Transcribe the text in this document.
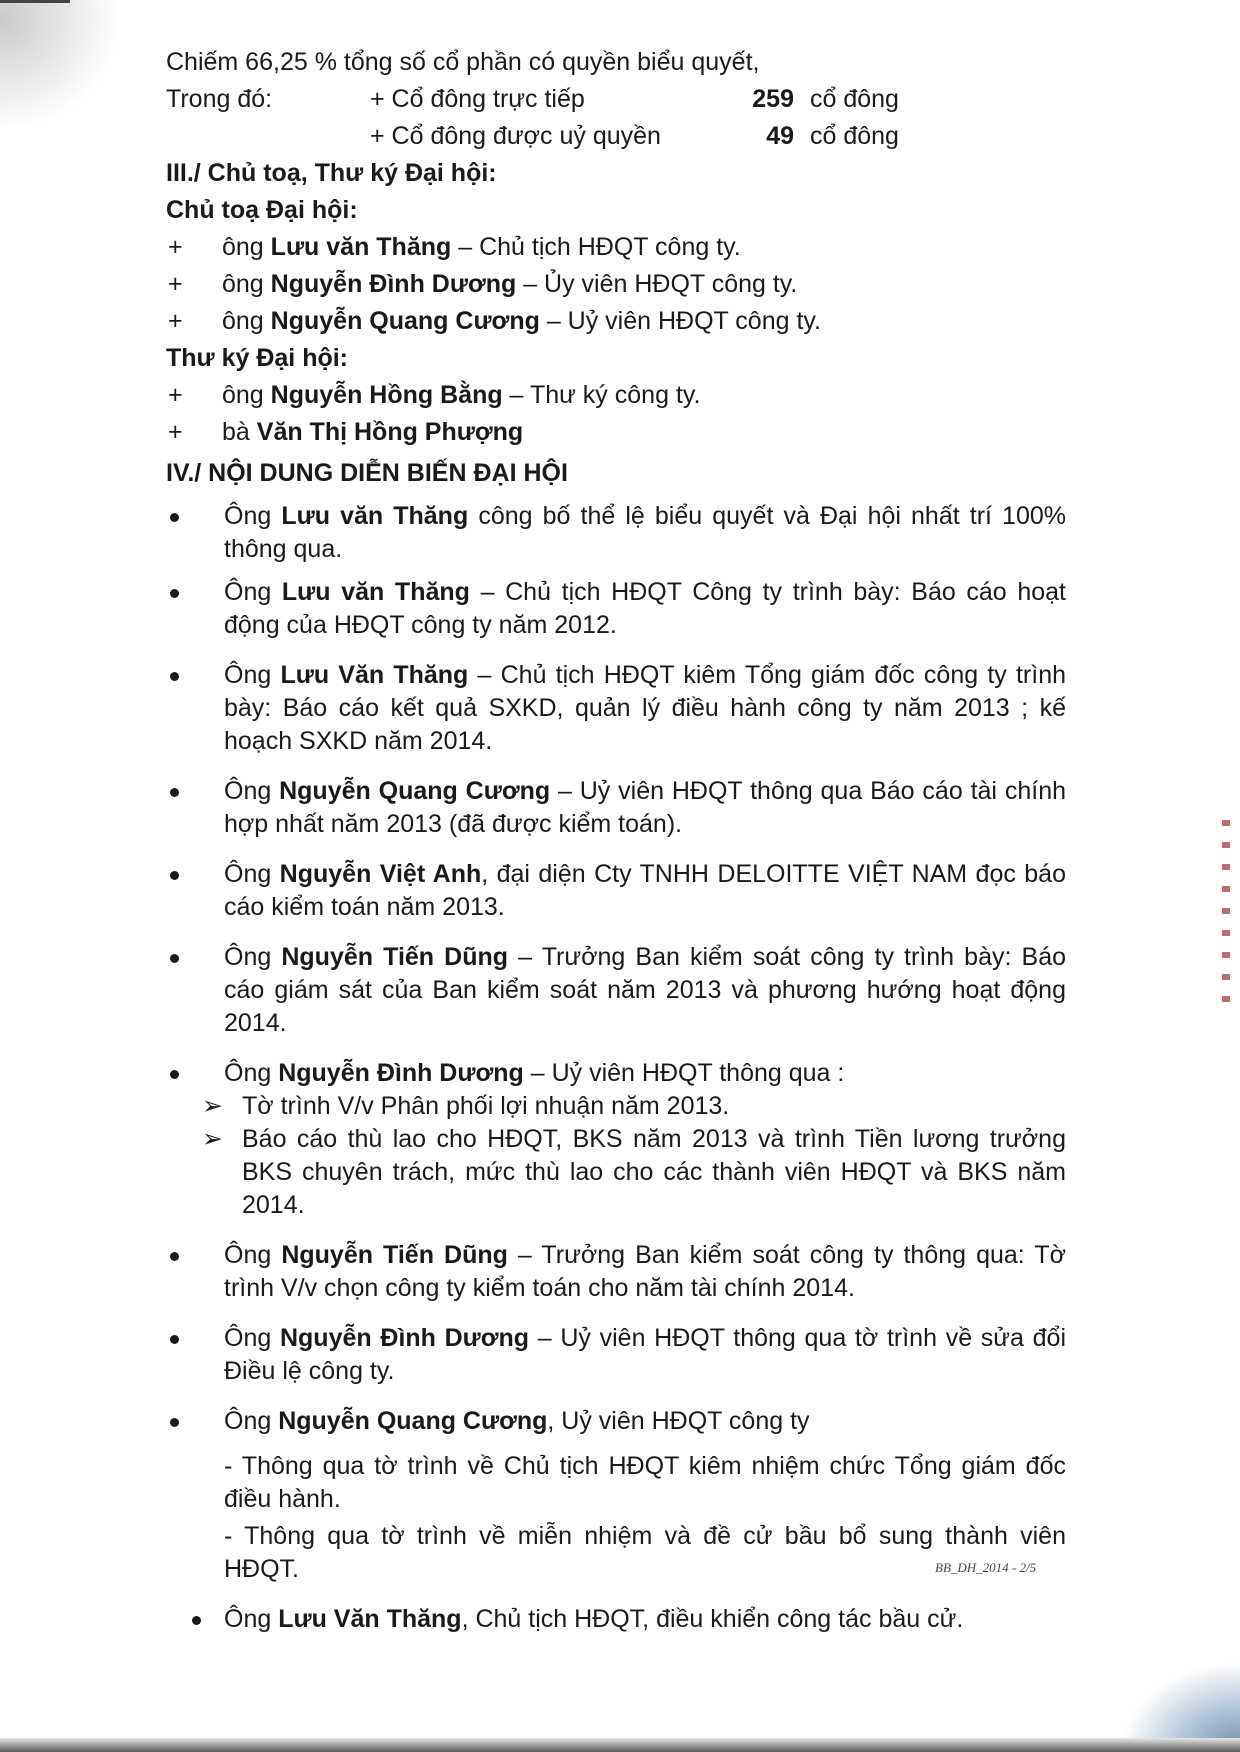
Chiếm 66,25 % tổng số cổ phần có quyền biểu quyết,
Trong đó:	+ Cổ đông trực tiếp	259 cổ đông
+ Cổ đông được uỷ quyền	49 cổ đông
III./ Chủ toạ, Thư ký Đại hội:
Chủ toạ Đại hội:
+ ông Lưu văn Thăng – Chủ tịch HĐQT công ty.
+ ông Nguyễn Đình Dương – Ủy viên HĐQT công ty.
+ ông Nguyễn Quang Cương – Uỷ viên HĐQT công ty.
Thư ký Đại hội:
+ ông Nguyễn Hồng Bằng – Thư ký công ty.
+ bà Văn Thị Hồng Phượng
IV./ NỘI DUNG DIỄN BIẾN ĐẠI HỘI
Ông Lưu văn Thăng công bố thể lệ biểu quyết và Đại hội nhất trí 100% thông qua.
Ông Lưu văn Thăng – Chủ tịch HĐQT Công ty trình bày: Báo cáo hoạt động của HĐQT công ty năm 2012.
Ông Lưu Văn Thăng – Chủ tịch HĐQT kiêm Tổng giám đốc công ty trình bày: Báo cáo kết quả SXKD, quản lý điều hành công ty năm 2013 ; kế hoạch SXKD năm 2014.
Ông Nguyễn Quang Cương – Uỷ viên HĐQT thông qua Báo cáo tài chính hợp nhất năm 2013 (đã được kiểm toán).
Ông Nguyễn Việt Anh, đại diện Cty TNHH DELOITTE VIỆT NAM đọc báo cáo kiểm toán năm 2013.
Ông Nguyễn Tiến Dũng – Trưởng Ban kiểm soát công ty trình bày: Báo cáo giám sát của Ban kiểm soát năm 2013 và phương hướng hoạt động 2014.
Ông Nguyễn Đình Dương – Uỷ viên HĐQT thông qua :
➢ Tờ trình V/v Phân phối lợi nhuận năm 2013.
➢ Báo cáo thù lao cho HĐQT, BKS năm 2013 và trình Tiền lương trưởng BKS chuyên trách, mức thù lao cho các thành viên HĐQT và BKS năm 2014.
Ông Nguyễn Tiến Dũng – Trưởng Ban kiểm soát công ty thông qua: Tờ trình V/v chọn công ty kiểm toán cho năm tài chính 2014.
Ông Nguyễn Đình Dương – Uỷ viên HĐQT thông qua tờ trình về sửa đổi Điều lệ công ty.
Ông Nguyễn Quang Cương, Uỷ viên HĐQT công ty
- Thông qua tờ trình về Chủ tịch HĐQT kiêm nhiệm chức Tổng giám đốc điều hành.
- Thông qua tờ trình về miễn nhiệm và đề cử bầu bổ sung thành viên HĐQT.
Ông Lưu Văn Thăng, Chủ tịch HĐQT, điều khiển công tác bầu cử.
BB_DH_2014 - 2/5
